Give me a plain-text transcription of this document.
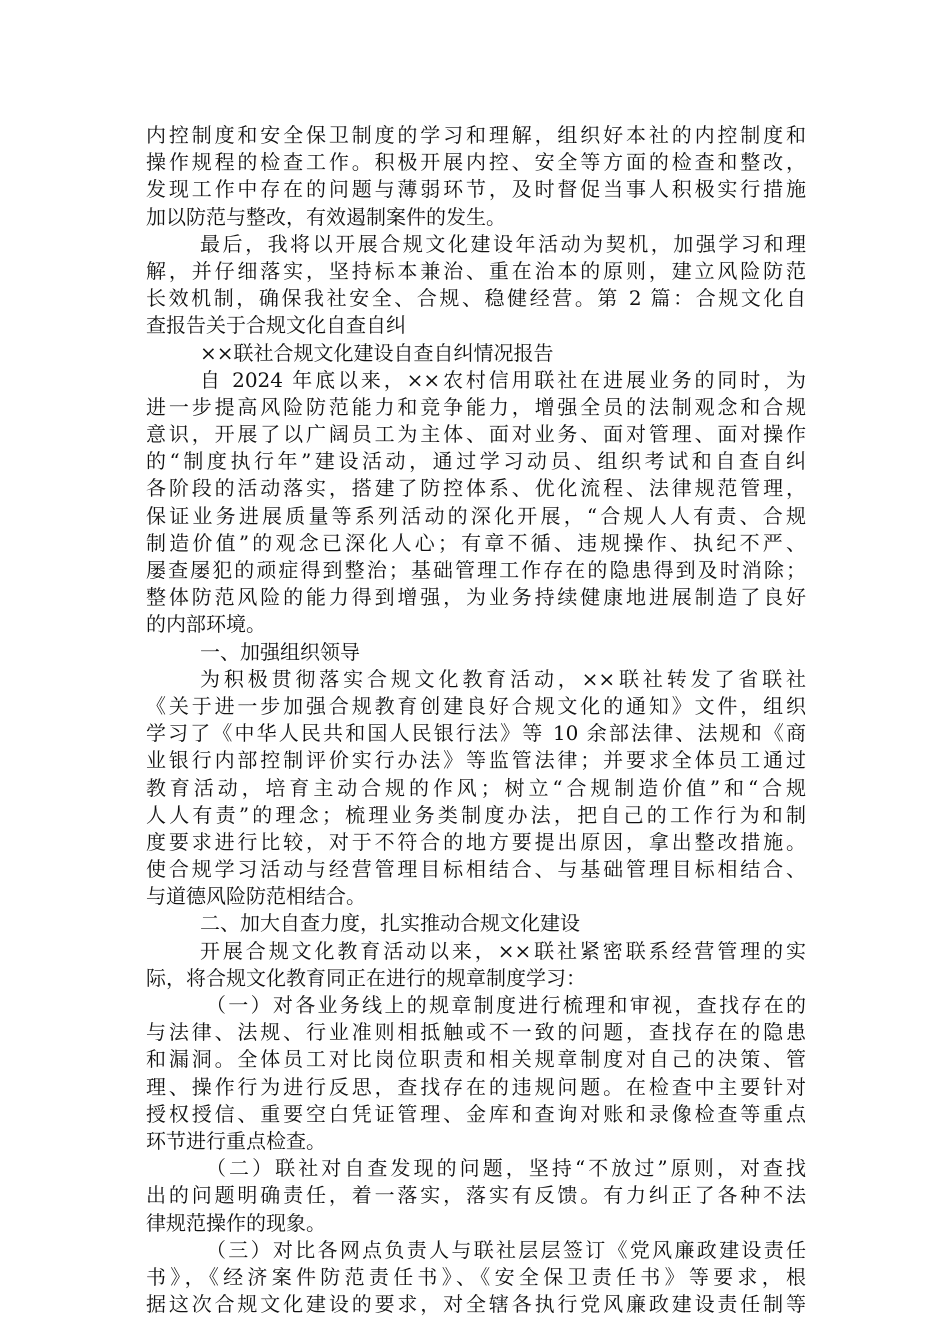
内控制度和安全保卫制度的学习和理解，组织好本社的内控制度和
操作规程的检查工作。积极开展内控、安全等方面的检查和整改，
发现工作中存在的问题与薄弱环节，及时督促当事人积极实行措施
加以防范与整改，有效遏制案件的发生。
最后，我将以开展合规文化建设年活动为契机，加强学习和理
解，并仔细落实，坚持标本兼治、重在治本的原则，建立风险防范
长效机制，确保我社安全、合规、稳健经营。第 2 篇：合规文化自
查报告关于合规文化自查自纠
××联社合规文化建设自查自纠情况报告
自 2024 年底以来，××农村信用联社在进展业务的同时，为
进一步提高风险防范能力和竞争能力，增强全员的法制观念和合规
意识，开展了以广阔员工为主体、面对业务、面对管理、面对操作
的“制度执行年”建设活动，通过学习动员、组织考试和自查自纠
各阶段的活动落实，搭建了防控体系、优化流程、法律规范管理，
保证业务进展质量等系列活动的深化开展，“合规人人有责、合规
制造价值”的观念已深化人心；有章不循、违规操作、执纪不严、
屡查屡犯的顽症得到整治；基础管理工作存在的隐患得到及时消除；
整体防范风险的能力得到增强，为业务持续健康地进展制造了良好
的内部环境。
一、加强组织领导
为积极贯彻落实合规文化教育活动，××联社转发了省联社
《关于进一步加强合规教育创建良好合规文化的通知》文件，组织
学习了《中华人民共和国人民银行法》等 10 余部法律、法规和《商
业银行内部控制评价实行办法》等监管法律；并要求全体员工通过
教育活动，培育主动合规的作风；树立“合规制造价值”和“合规
人人有责”的理念；梳理业务类制度办法，把自己的工作行为和制
度要求进行比较，对于不符合的地方要提出原因，拿出整改措施。
使合规学习活动与经营管理目标相结合、与基础管理目标相结合、
与道德风险防范相结合。
二、加大自查力度，扎实推动合规文化建设
开展合规文化教育活动以来，××联社紧密联系经营管理的实
际，将合规文化教育同正在进行的规章制度学习：
（一）对各业务线上的规章制度进行梳理和审视，查找存在的
与法律、法规、行业准则相抵触或不一致的问题，查找存在的隐患
和漏洞。全体员工对比岗位职责和相关规章制度对自己的决策、管
理、操作行为进行反思，查找存在的违规问题。在检查中主要针对
授权授信、重要空白凭证管理、金库和查询对账和录像检查等重点
环节进行重点检查。
（二）联社对自查发现的问题，坚持“不放过”原则，对查找
出的问题明确责任，着一落实，落实有反馈。有力纠正了各种不法
律规范操作的现象。
（三）对比各网点负责人与联社层层签订《党风廉政建设责任
书》，《经济案件防范责任书》、《安全保卫责任书》等要求，根
据这次合规文化建设的要求，对全辖各执行党风廉政建设责任制等
